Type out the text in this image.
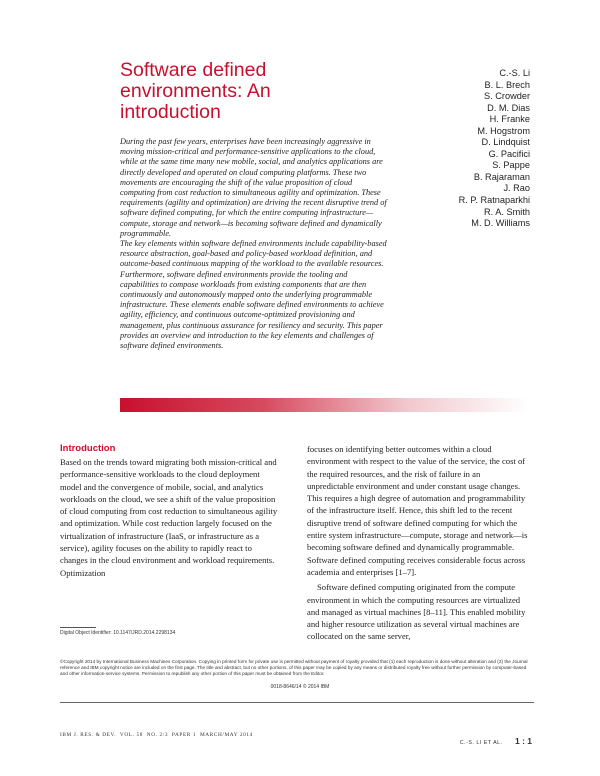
Software defined environments: An introduction
C.-S. Li
B. L. Brech
S. Crowder
D. M. Dias
H. Franke
M. Hogstrom
D. Lindquist
G. Pacifici
S. Pappe
B. Rajaraman
J. Rao
R. P. Ratnaparkhi
R. A. Smith
M. D. Williams

During the past few years, enterprises have been increasingly aggressive in moving mission-critical and performance-sensitive applications to the cloud, while at the same time many new mobile, social, and analytics applications are directly developed and operated on cloud computing platforms. These two movements are encouraging the shift of the value proposition of cloud computing from cost reduction to simultaneous agility and optimization. These requirements (agility and optimization) are driving the recent disruptive trend of software defined computing, for which the entire computing infrastructure—compute, storage and network—is becoming software defined and dynamically programmable.

The key elements within software defined environments include capability-based resource abstraction, goal-based and policy-based workload definition, and outcome-based continuous mapping of the workload to the available resources. Furthermore, software defined environments provide the tooling and capabilities to compose workloads from existing components that are then continuously and autonomously mapped onto the underlying programmable infrastructure. These elements enable software defined environments to achieve agility, efficiency, and continuous outcome-optimized provisioning and management, plus continuous assurance for resiliency and security. This paper provides an overview and introduction to the key elements and challenges of software defined environments.

Introduction

Based on the trends toward migrating both mission-critical and performance-sensitive workloads to the cloud deployment model and the convergence of mobile, social, and analytics workloads on the cloud, we see a shift of the value proposition of cloud computing from cost reduction to simultaneous agility and optimization. While cost reduction largely focused on the virtualization of infrastructure (IaaS, or infrastructure as a service), agility focuses on the ability to rapidly react to changes in the cloud environment and workload requirements. Optimization

focuses on identifying better outcomes within a cloud environment with respect to the value of the service, the cost of the required resources, and the risk of failure in an unpredictable environment and under constant usage changes. This requires a high degree of automation and programmability of the infrastructure itself. Hence, this shift led to the recent disruptive trend of software defined computing for which the entire system infrastructure—compute, storage and network—is becoming software defined and dynamically programmable. Software defined computing receives considerable focus across academia and enterprises [1–7].

Software defined computing originated from the compute environment in which the computing resources are virtualized and managed as virtual machines [8–11]. This enabled mobility and higher resource utilization as several virtual machines are collocated on the same server,

Digital Object Identifier: 10.1147/JRD.2014.2298134

©Copyright 2014 by International Business Machines Corporation. Copying in printed form for private use is permitted without payment of royalty provided that (1) each reproduction is done without alteration and (2) the Journal reference and IBM copyright notice are included on the first page. The title and abstract, but no other portions, of this paper may be copied by any means or distributed royalty free without further permission by computer-based and other information-service systems. Permission to republish any other portion of this paper must be obtained from the Editor.

0018-8646/14 © 2014 IBM
IBM J. RES. & DEV.  VOL. 58  NO. 2/3  PAPER 1  MARCH/MAY 2014
C.-S. LI ET AL. 1 : 1
